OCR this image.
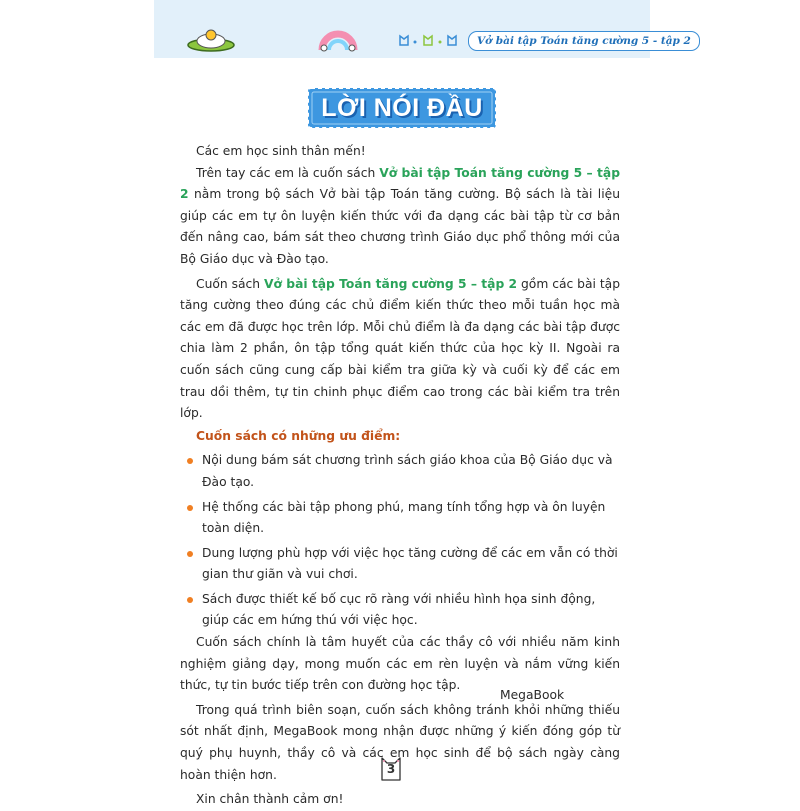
Vở bài tập Toán tăng cường 5 - tập 2
LỜI NÓI ĐẦU

Các em học sinh thân mến!

Trên tay các em là cuốn sách Vở bài tập Toán tăng cường 5 – tập 2 nằm trong bộ sách Vở bài tập Toán tăng cường. Bộ sách là tài liệu giúp các em tự ôn luyện kiến thức với đa dạng các bài tập từ cơ bản đến nâng cao, bám sát theo chương trình Giáo dục phổ thông mới của Bộ Giáo dục và Đào tạo.

Cuốn sách Vở bài tập Toán tăng cường 5 – tập 2 gồm các bài tập tăng cường theo đúng các chủ điểm kiến thức theo mỗi tuần học mà các em đã được học trên lớp. Mỗi chủ điểm là đa dạng các bài tập được chia làm 2 phần, ôn tập tổng quát kiến thức của học kỳ II. Ngoài ra cuốn sách cũng cung cấp bài kiểm tra giữa kỳ và cuối kỳ để các em trau dồi thêm, tự tin chinh phục điểm cao trong các bài kiểm tra trên lớp.

Cuốn sách có những ưu điểm:

Nội dung bám sát chương trình sách giáo khoa của Bộ Giáo dục và Đào tạo.
Hệ thống các bài tập phong phú, mang tính tổng hợp và ôn luyện toàn diện.
Dung lượng phù hợp với việc học tăng cường để các em vẫn có thời gian thư giãn và vui chơi.
Sách được thiết kế bố cục rõ ràng với nhiều hình họa sinh động, giúp các em hứng thú với việc học.

Cuốn sách chính là tâm huyết của các thầy cô với nhiều năm kinh nghiệm giảng dạy, mong muốn các em rèn luyện và nắm vững kiến thức, tự tin bước tiếp trên con đường học tập.

Trong quá trình biên soạn, cuốn sách không tránh khỏi những thiếu sót nhất định, MegaBook mong nhận được những ý kiến đóng góp từ quý phụ huynh, thầy cô và các em học sinh để bộ sách ngày càng hoàn thiện hơn.

Xin chân thành cảm ơn!

MegaBook
3
